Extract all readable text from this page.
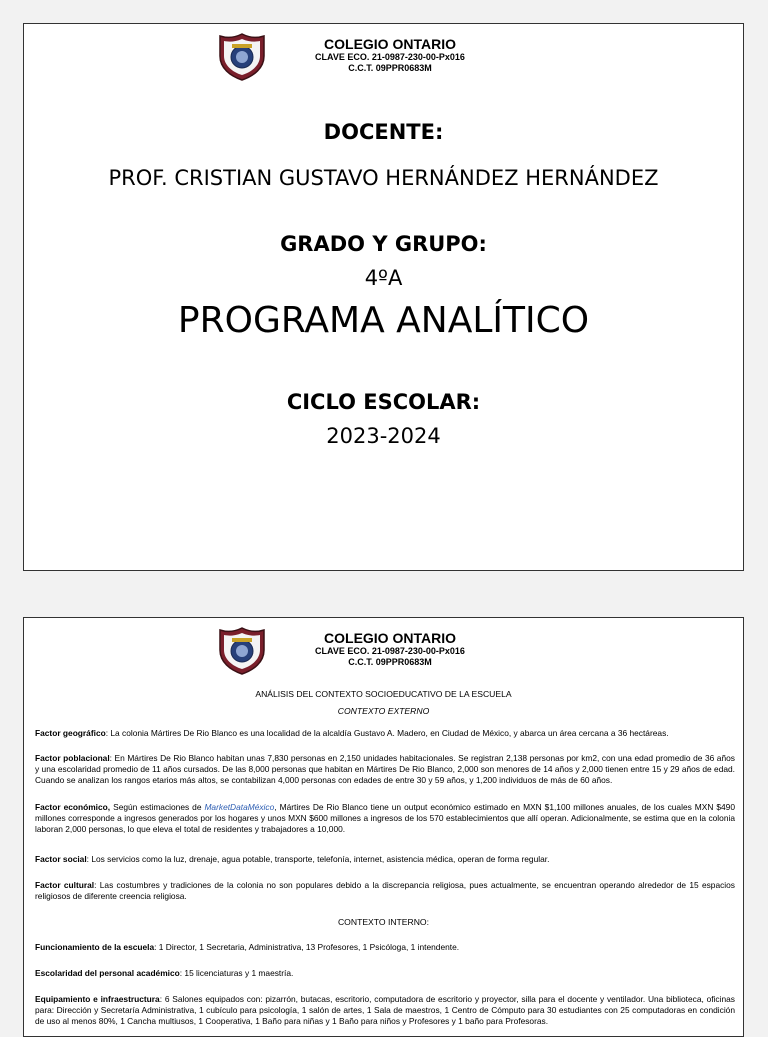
COLEGIO ONTARIO
CLAVE ECO. 21-0987-230-00-Px016
C.C.T. 09PPR0683M
DOCENTE:
PROF. CRISTIAN GUSTAVO HERNÁNDEZ HERNÁNDEZ
GRADO Y GRUPO:
4ºA
PROGRAMA ANALÍTICO
CICLO ESCOLAR:
2023-2024
COLEGIO ONTARIO
CLAVE ECO. 21-0987-230-00-Px016
C.C.T. 09PPR0683M
ANÁLISIS DEL CONTEXTO SOCIOEDUCATIVO DE LA ESCUELA
CONTEXTO EXTERNO
Factor geográfico: La colonia Mártires De Rio Blanco es una localidad de la alcaldía Gustavo A. Madero, en Ciudad de México, y abarca un área cercana a 36 hectáreas.
Factor poblacional: En Mártires De Rio Blanco habitan unas 7,830 personas en 2,150 unidades habitacionales. Se registran 2,138 personas por km2, con una edad promedio de 36 años y una escolaridad promedio de 11 años cursados. De las 8,000 personas que habitan en Mártires De Rio Blanco, 2,000 son menores de 14 años y 2,000 tienen entre 15 y 29 años de edad. Cuando se analizan los rangos etarios más altos, se contabilizan 4,000 personas con edades de entre 30 y 59 años, y 1,200 individuos de más de 60 años.
Factor económico, Según estimaciones de MarketDataMéxico, Mártires De Rio Blanco tiene un output económico estimado en MXN $1,100 millones anuales, de los cuales MXN $490 millones corresponde a ingresos generados por los hogares y unos MXN $600 millones a ingresos de los 570 establecimientos que allí operan. Adicionalmente, se estima que en la colonia laboran 2,000 personas, lo que eleva el total de residentes y trabajadores a 10,000.
Factor social: Los servicios como la luz, drenaje, agua potable, transporte, telefonía, internet, asistencia médica, operan de forma regular.
Factor cultural: Las costumbres y tradiciones de la colonia no son populares debido a la discrepancia religiosa, pues actualmente, se encuentran operando alrededor de 15 espacios religiosos de diferente creencia religiosa.
CONTEXTO INTERNO:
Funcionamiento de la escuela: 1 Director, 1 Secretaria, Administrativa, 13 Profesores, 1 Psicóloga, 1 intendente.
Escolaridad del personal académico: 15 licenciaturas y 1 maestría.
Equipamiento e infraestructura: 6 Salones equipados con: pizarrón, butacas, escritorio, computadora de escritorio y proyector, silla para el docente y ventilador. Una biblioteca, oficinas para: Dirección y Secretaría Administrativa, 1 cubículo para psicología, 1 salón de artes, 1 Sala de maestros, 1 Centro de Cómputo para 30 estudiantes con 25 computadoras en condición de uso al menos 80%, 1 Cancha multiusos, 1 Cooperativa, 1 Baño para niñas y 1 Baño para niños y Profesores y 1 baño para Profesoras.
